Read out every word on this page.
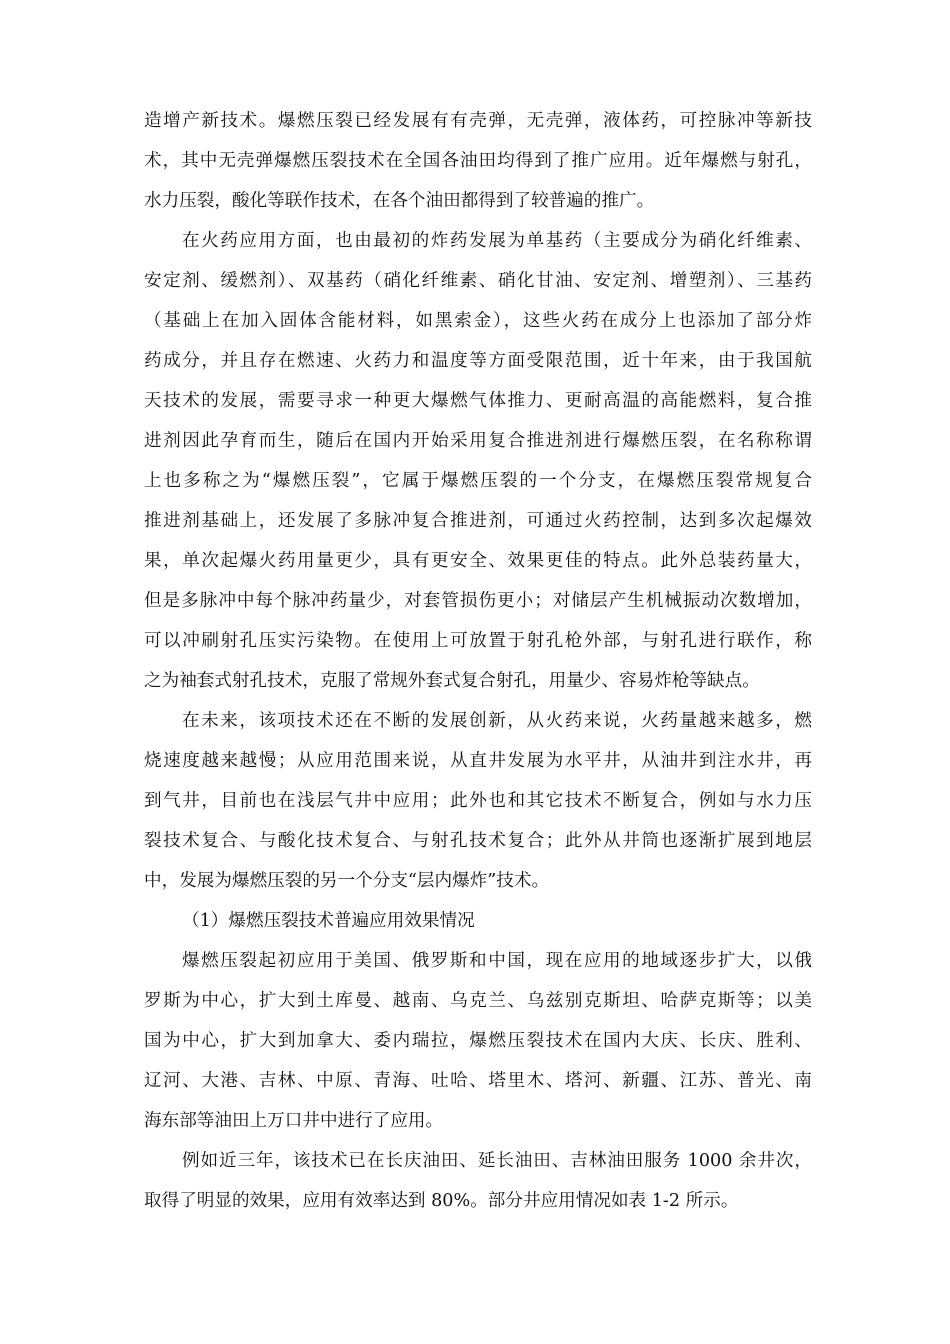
造增产新技术。爆燃压裂已经发展有有壳弹，无壳弹，液体药，可控脉冲等新技
术，其中无壳弹爆燃压裂技术在全国各油田均得到了推广应用。近年爆燃与射孔，
水力压裂，酸化等联作技术，在各个油田都得到了较普遍的推广。
在火药应用方面，也由最初的炸药发展为单基药（主要成分为硝化纤维素、
安定剂、缓燃剂）、双基药（硝化纤维素、硝化甘油、安定剂、增塑剂）、三基药
（基础上在加入固体含能材料，如黑索金），这些火药在成分上也添加了部分炸
药成分，并且存在燃速、火药力和温度等方面受限范围，近十年来，由于我国航
天技术的发展，需要寻求一种更大爆燃气体推力、更耐高温的高能燃料，复合推
进剂因此孕育而生，随后在国内开始采用复合推进剂进行爆燃压裂，在名称称谓
上也多称之为“爆燃压裂”，它属于爆燃压裂的一个分支，在爆燃压裂常规复合
推进剂基础上，还发展了多脉冲复合推进剂，可通过火药控制，达到多次起爆效
果，单次起爆火药用量更少，具有更安全、效果更佳的特点。此外总装药量大，
但是多脉冲中每个脉冲药量少，对套管损伤更小；对储层产生机械振动次数增加，
可以冲刷射孔压实污染物。在使用上可放置于射孔枪外部，与射孔进行联作，称
之为袖套式射孔技术，克服了常规外套式复合射孔，用量少、容易炸枪等缺点。
在未来，该项技术还在不断的发展创新，从火药来说，火药量越来越多，燃
烧速度越来越慢；从应用范围来说，从直井发展为水平井，从油井到注水井，再
到气井，目前也在浅层气井中应用；此外也和其它技术不断复合，例如与水力压
裂技术复合、与酸化技术复合、与射孔技术复合；此外从井筒也逐渐扩展到地层
中，发展为爆燃压裂的另一个分支“层内爆炸”技术。
（1）爆燃压裂技术普遍应用效果情况
爆燃压裂起初应用于美国、俄罗斯和中国，现在应用的地域逐步扩大，以俄
罗斯为中心，扩大到土库曼、越南、乌克兰、乌兹别克斯坦、哈萨克斯等；以美
国为中心，扩大到加拿大、委内瑞拉，爆燃压裂技术在国内大庆、长庆、胜利、
辽河、大港、吉林、中原、青海、吐哈、塔里木、塔河、新疆、江苏、普光、南
海东部等油田上万口井中进行了应用。
例如近三年，该技术已在长庆油田、延长油田、吉林油田服务 1000 余井次，
取得了明显的效果，应用有效率达到 80%。部分井应用情况如表 1-2 所示。
